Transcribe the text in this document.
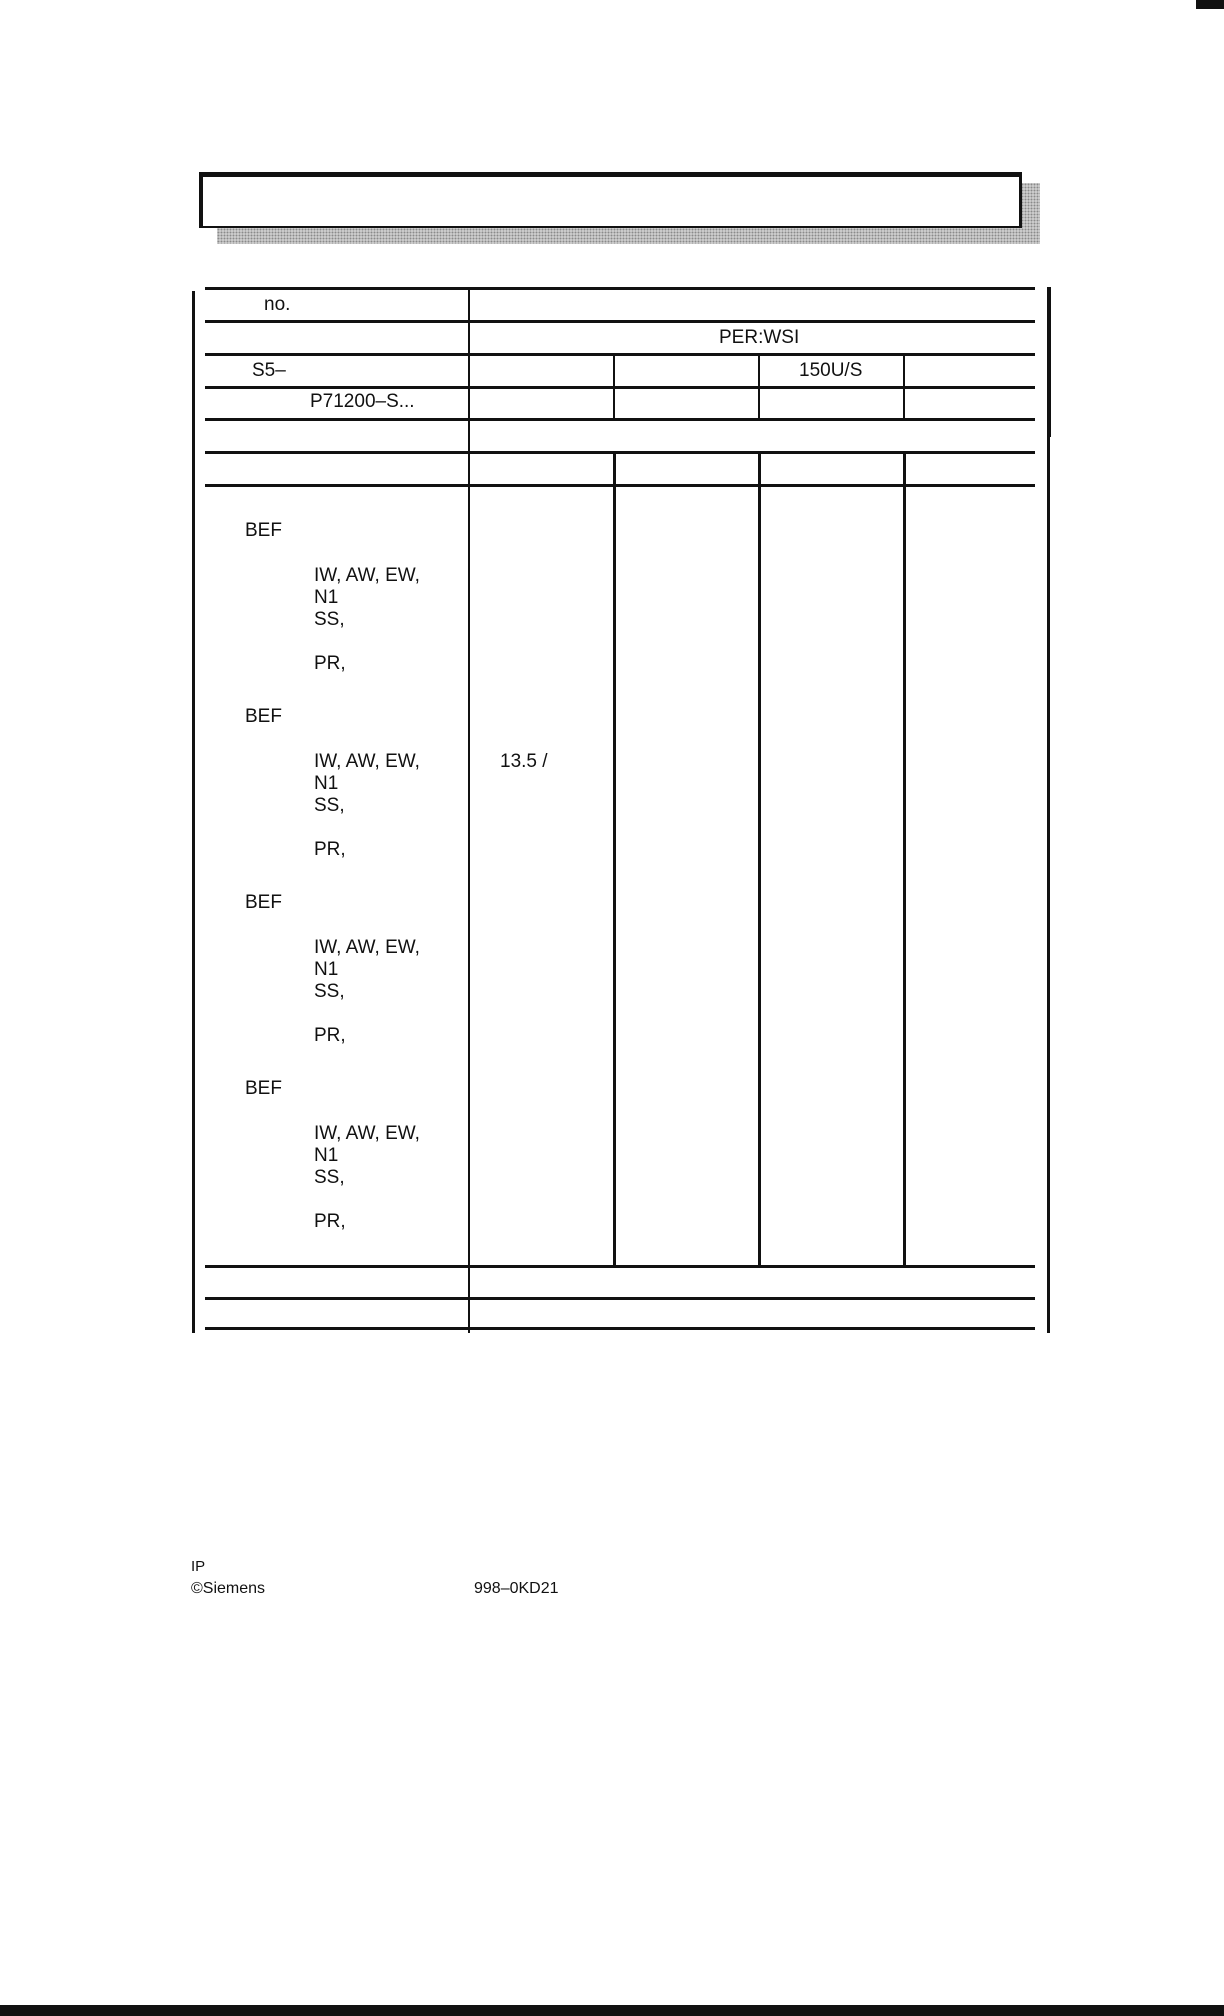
no.
PER:WSI
S5–	150U/S
P71200–S...
BEF
IW, AW, EW,
N1
SS,
PR,
BEF
IW, AW, EW,
N1
SS,
PR,
13.5 /
BEF
IW, AW, EW,
N1
SS,
PR,
BEF
IW, AW, EW,
N1
SS,
PR,
IP
©Siemens	998–0KD21
